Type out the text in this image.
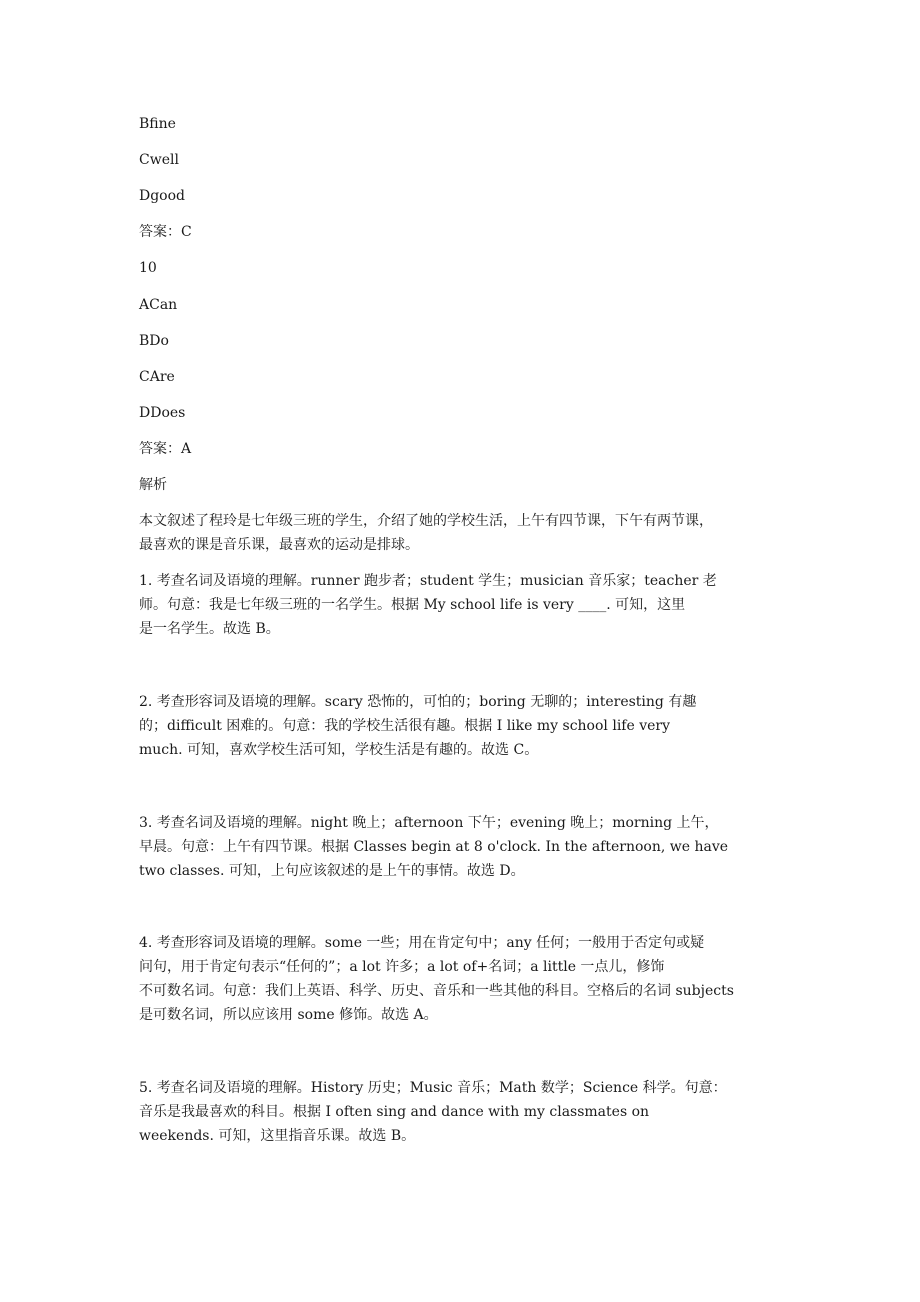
Bfine
Cwell
Dgood
答案：C
10
ACan
BDo
CAre
DDoes
答案：A
解析
本文叙述了程玲是七年级三班的学生，介绍了她的学校生活，上午有四节课，下午有两节课，
最喜欢的课是音乐课，最喜欢的运动是排球。
1. 考查名词及语境的理解。runner 跑步者；student 学生；musician 音乐家；teacher 老
师。句意：我是七年级三班的一名学生。根据 My school life is very ____. 可知，这里
是一名学生。故选 B。
2. 考查形容词及语境的理解。scary 恐怖的，可怕的；boring 无聊的；interesting 有趣
的；difficult 困难的。句意：我的学校生活很有趣。根据 I like my school life very
much. 可知，喜欢学校生活可知，学校生活是有趣的。故选 C。
3. 考查名词及语境的理解。night 晚上；afternoon 下午；evening 晚上；morning 上午，
早晨。句意：上午有四节课。根据 Classes begin at 8 o'clock. In the afternoon, we have
two classes. 可知，上句应该叙述的是上午的事情。故选 D。
4. 考查形容词及语境的理解。some 一些；用在肯定句中；any 任何；一般用于否定句或疑
问句，用于肯定句表示“任何的”；a lot 许多；a lot of+名词；a little 一点儿，修饰
不可数名词。句意：我们上英语、科学、历史、音乐和一些其他的科目。空格后的名词 subjects
是可数名词，所以应该用 some 修饰。故选 A。
5. 考查名词及语境的理解。History 历史；Music 音乐；Math 数学；Science 科学。句意：
音乐是我最喜欢的科目。根据 I often sing and dance with my classmates on
weekends. 可知，这里指音乐课。故选 B。
